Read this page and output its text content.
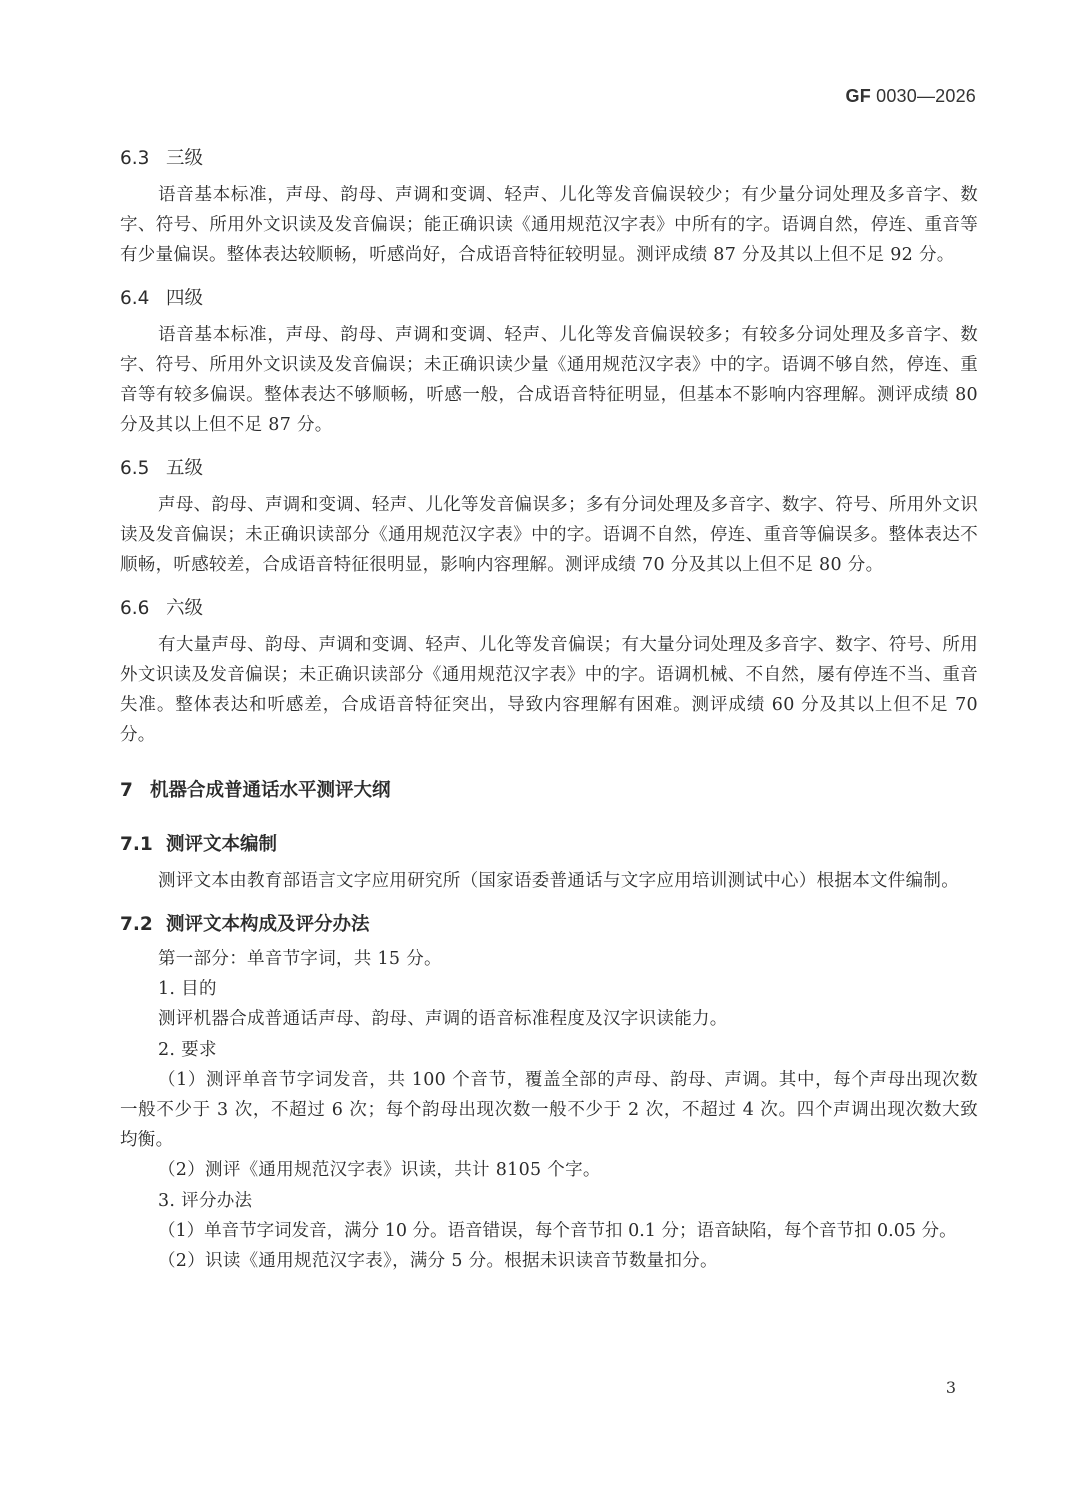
GF 0030—2026
6.3 三级

语音基本标准，声母、韵母、声调和变调、轻声、儿化等发音偏误较少；有少量分词处理及多音字、数字、符号、所用外文识读及发音偏误；能正确识读《通用规范汉字表》中所有的字。语调自然，停连、重音等有少量偏误。整体表达较顺畅，听感尚好，合成语音特征较明显。测评成绩 87 分及其以上但不足 92 分。

6.4 四级

语音基本标准，声母、韵母、声调和变调、轻声、儿化等发音偏误较多；有较多分词处理及多音字、数字、符号、所用外文识读及发音偏误；未正确识读少量《通用规范汉字表》中的字。语调不够自然，停连、重音等有较多偏误。整体表达不够顺畅，听感一般，合成语音特征明显，但基本不影响内容理解。测评成绩 80 分及其以上但不足 87 分。

6.5 五级

声母、韵母、声调和变调、轻声、儿化等发音偏误多；多有分词处理及多音字、数字、符号、所用外文识读及发音偏误；未正确识读部分《通用规范汉字表》中的字。语调不自然，停连、重音等偏误多。整体表达不顺畅，听感较差，合成语音特征很明显，影响内容理解。测评成绩 70 分及其以上但不足 80 分。

6.6 六级

有大量声母、韵母、声调和变调、轻声、儿化等发音偏误；有大量分词处理及多音字、数字、符号、所用外文识读及发音偏误；未正确识读部分《通用规范汉字表》中的字。语调机械、不自然，屡有停连不当、重音失准。整体表达和听感差，合成语音特征突出，导致内容理解有困难。测评成绩 60 分及其以上但不足 70 分。

7 机器合成普通话水平测评大纲
7.1 测评文本编制

测评文本由教育部语言文字应用研究所（国家语委普通话与文字应用培训测试中心）根据本文件编制。

7.2 测评文本构成及评分办法

第一部分：单音节字词，共 15 分。

1. 目的

测评机器合成普通话声母、韵母、声调的语音标准程度及汉字识读能力。

2. 要求

（1）测评单音节字词发音，共 100 个音节，覆盖全部的声母、韵母、声调。其中，每个声母出现次数一般不少于 3 次，不超过 6 次；每个韵母出现次数一般不少于 2 次，不超过 4 次。四个声调出现次数大致均衡。

（2）测评《通用规范汉字表》识读，共计 8105 个字。

3. 评分办法

（1）单音节字词发音，满分 10 分。语音错误，每个音节扣 0.1 分；语音缺陷，每个音节扣 0.05 分。

（2）识读《通用规范汉字表》，满分 5 分。根据未识读音节数量扣分。

3
